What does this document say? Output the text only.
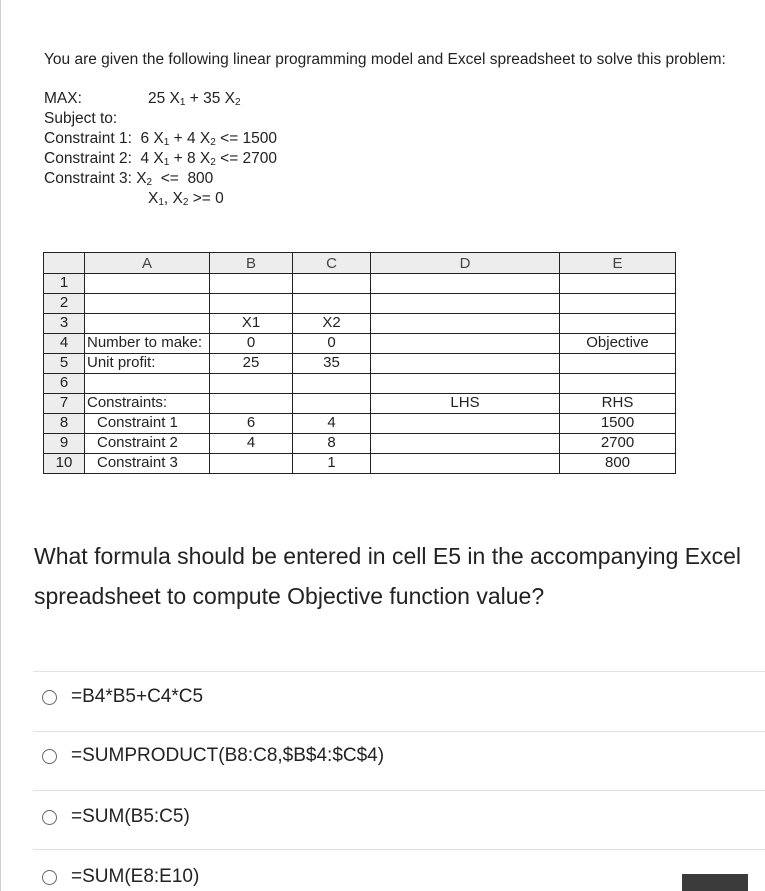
You are given the following linear programming model and Excel spreadsheet to solve this problem:

MAX:	25 $X_1 + 35$ $X_2$
Subject to:
Constraint 1:  6 $X_1 + 4$ $X_2 <= 1500$
Constraint 2:  4 $X_1 + 8$ $X_2 <= 2700$
Constraint 3: $X_2 <= 800$
$X_1$, $X_2 >= 0$
	A	B	C	D	E
1					
2					
3		X1	X2		
4	Number to make:	0	0		Objective
5	Unit profit:	25	35		
6					
7	Constraints:			LHS	RHS
8	Constraint 1	6	4		1500
9	Constraint 2	4	8		2700
10	Constraint 3		1		800
What formula should be entered in cell E5 in the accompanying Excel spreadsheet to compute Objective function value?
=B4*B5+C4*C5
=SUMPRODUCT(B8:C8,$B$4:$C$4)
=SUM(B5:C5)
=SUM(E8:E10)
